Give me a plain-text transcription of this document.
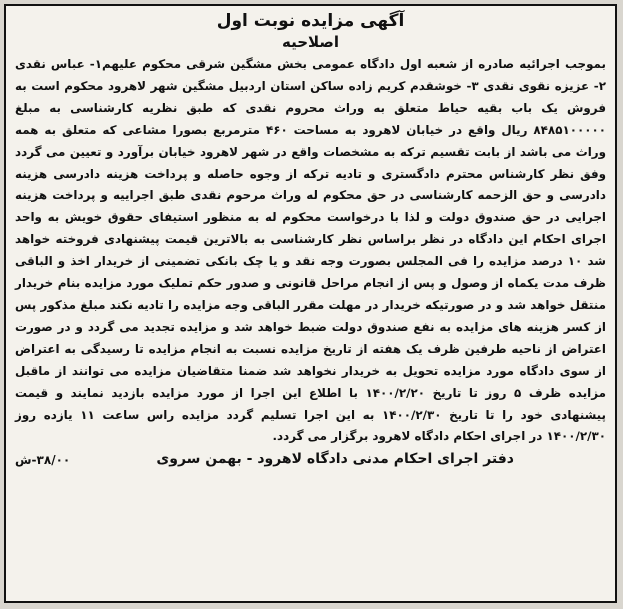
آگهی مزایده نوبت اول

اصلاحیه

بموجب اجرائیه صادره از شعبه اول دادگاه عمومی بخش مشگین شرقی محکوم علیهم۱- عباس نقدی ۲- عزیزه نقوی نقدی ۳- خوشقدم کریم زاده ساکن استان اردبیل مشگین شهر لاهرود محکوم است به فروش یک باب بقیه حیاط متعلق به وراث محروم نقدی که طبق نظریه کارشناسی به مبلغ ۸۴۸۵۱۰۰۰۰۰ ریال واقع در خیابان لاهرود به مساحت ۴۶۰ مترمربع بصورا مشاعی که متعلق به همه وراث می باشد از بابت تقسیم ترکه به مشخصات واقع در شهر لاهرود خیابان برآورد و تعیین می گردد وفق نظر کارشناس محترم دادگستری و تادیه ترکه از وجوه حاصله و پرداخت هزینه دادرسی هزینه دادرسی و حق الزحمه کارشناسی در حق محکوم له وراث مرحوم نقدی طبق اجراییه و پرداخت هزینه اجرایی در حق صندوق دولت و لذا با درخواست محکوم له به منظور استیفای حقوق خویش به واحد اجرای احکام این دادگاه در نظر براساس نظر کارشناسی به بالاترین قیمت پیشنهادی فروخته خواهد شد ۱۰ درصد مزایده را فی المجلس بصورت وجه نقد و یا چک بانکی تضمینی از خریدار اخذ و الباقی ظرف مدت یکماه از وصول و پس از انجام مراحل قانونی و صدور حکم تملیک مورد مزایده بنام خریدار منتقل خواهد شد و در صورتیکه خریدار در مهلت مقرر الباقی وجه مزایده را تادیه نکند مبلغ مذکور پس از کسر هزینه های مزایده به نفع صندوق دولت ضبط خواهد شد و مزایده تجدید می گردد و در صورت اعتراض از ناحیه طرفین ظرف یک هفته از تاریخ مزایده نسبت به انجام مزایده تا رسیدگی به اعتراض از سوی دادگاه مورد مزایده تحویل به خریدار نخواهد شد ضمنا متقاضیان مزایده می توانند از ماقبل مزایده ظرف ۵ روز تا تاریخ ۱۴۰۰/۲/۲۰ با اطلاع این اجرا از مورد مزایده بازدید نمایند و قیمت پیشنهادی خود را تا تاریخ ۱۴۰۰/۲/۳۰ به این اجرا تسلیم گردد مزایده راس ساعت ۱۱ یازده روز ۱۴۰۰/۲/۳۰ در اجرای احکام دادگاه لاهرود برگزار می گردد.

دفتر اجرای احکام مدنی دادگاه لاهرود - بهمن سروی
۳۸/۰۰-ش
